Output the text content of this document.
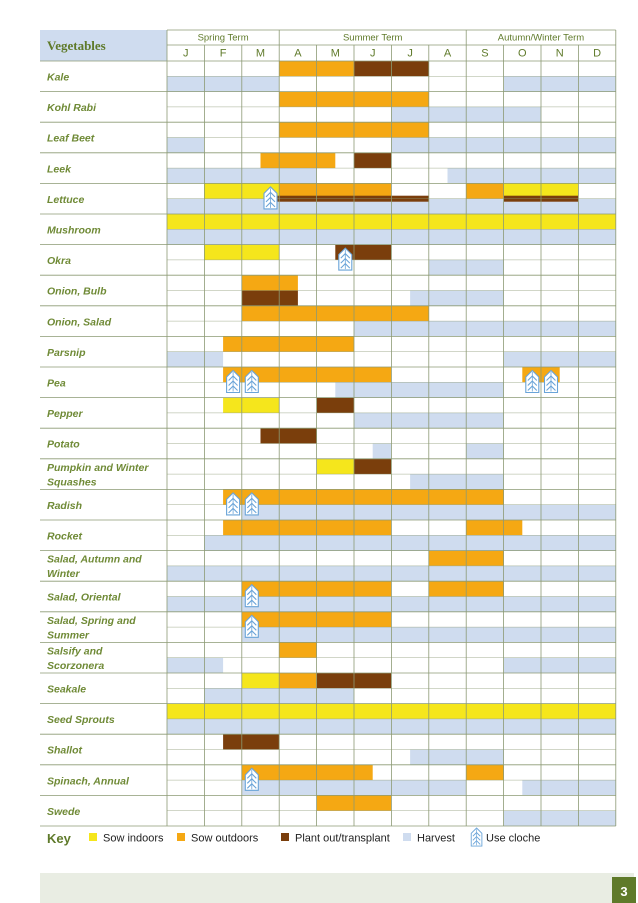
Vegetables	Spring Term	Summer Term	Autumn/Winter Term
J	F	M	A	M	J	J	A	S	O	N	D
Kale
Kohl Rabi
Leaf Beet
Leek
Lettuce
Mushroom
Okra
Onion, Bulb
Onion, Salad
Parsnip
Pea
Pepper
Potato
Pumpkin and Winter
Squashes
Radish
Rocket
Salad, Autumn and
Winter
Salad, Oriental
Salad, Spring and
Summer
Salsify and
Scorzonera
Seakale
Seed Sprouts
Shallot
Spinach, Annual
Swede
Key	Sow indoors Sow outdoors	Plant out/transplant Harvest	Use cloche
3
